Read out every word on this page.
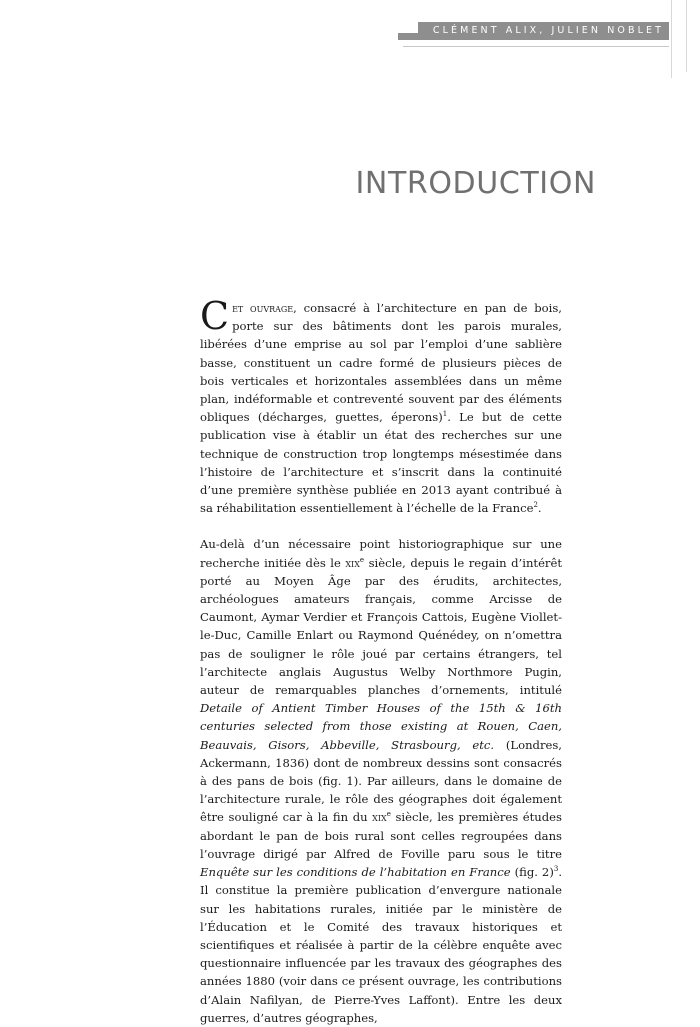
CLÉMENT ALIX, JULIEN NOBLET
INTRODUCTION

Cet ouvrage, consacré à l’architecture en pan de bois, porte sur des bâtiments dont les parois murales, libérées d’une emprise au sol par l’emploi d’une sablière basse, constituent un cadre formé de plusieurs pièces de bois verticales et horizontales assemblées dans un même plan, indéformable et contreventé souvent par des éléments obliques (décharges, guettes, éperons)$^1$. Le but de cette publication vise à établir un état des recherches sur une technique de construction trop longtemps mésestimée dans l’histoire de l’architecture et s’inscrit dans la continuité d’une première synthèse publiée en 2013 ayant contribué à sa réhabilitation essentiellement à l’échelle de la France$^2$.

Au-delà d’un nécessaire point historiographique sur une recherche initiée dès le xix$^e$ siècle, depuis le regain d’intérêt porté au Moyen Âge par des érudits, architectes, archéologues amateurs français, comme Arcisse de Caumont, Aymar Verdier et François Cattois, Eugène Viollet-le-Duc, Camille Enlart ou Raymond Quénédey, on n’omettra pas de souligner le rôle joué par certains étrangers, tel l’architecte anglais Augustus Welby Northmore Pugin, auteur de remarquables planches d’ornements, intitulé Detaile of Antient Timber Houses of the 15th & 16th centuries selected from those existing at Rouen, Caen, Beauvais, Gisors, Abbeville, Strasbourg, etc. (Londres, Ackermann, 1836) dont de nombreux dessins sont consacrés à des pans de bois (fig. 1). Par ailleurs, dans le domaine de l’architecture rurale, le rôle des géographes doit également être souligné car à la fin du xix$^e$ siècle, les premières études abordant le pan de bois rural sont celles regroupées dans l’ouvrage dirigé par Alfred de Foville paru sous le titre Enquête sur les conditions de l’habitation en France (fig. 2)$^3$. Il constitue la première publication d’envergure nationale sur les habitations rurales, initiée par le ministère de l’Éducation et le Comité des travaux historiques et scientifiques et réalisée à partir de la célèbre enquête avec questionnaire influencée par les travaux des géographes des années 1880 (voir dans ce présent ouvrage, les contributions d’Alain Nafilyan, de Pierre-Yves Laffont). Entre les deux guerres, d’autres géographes,
